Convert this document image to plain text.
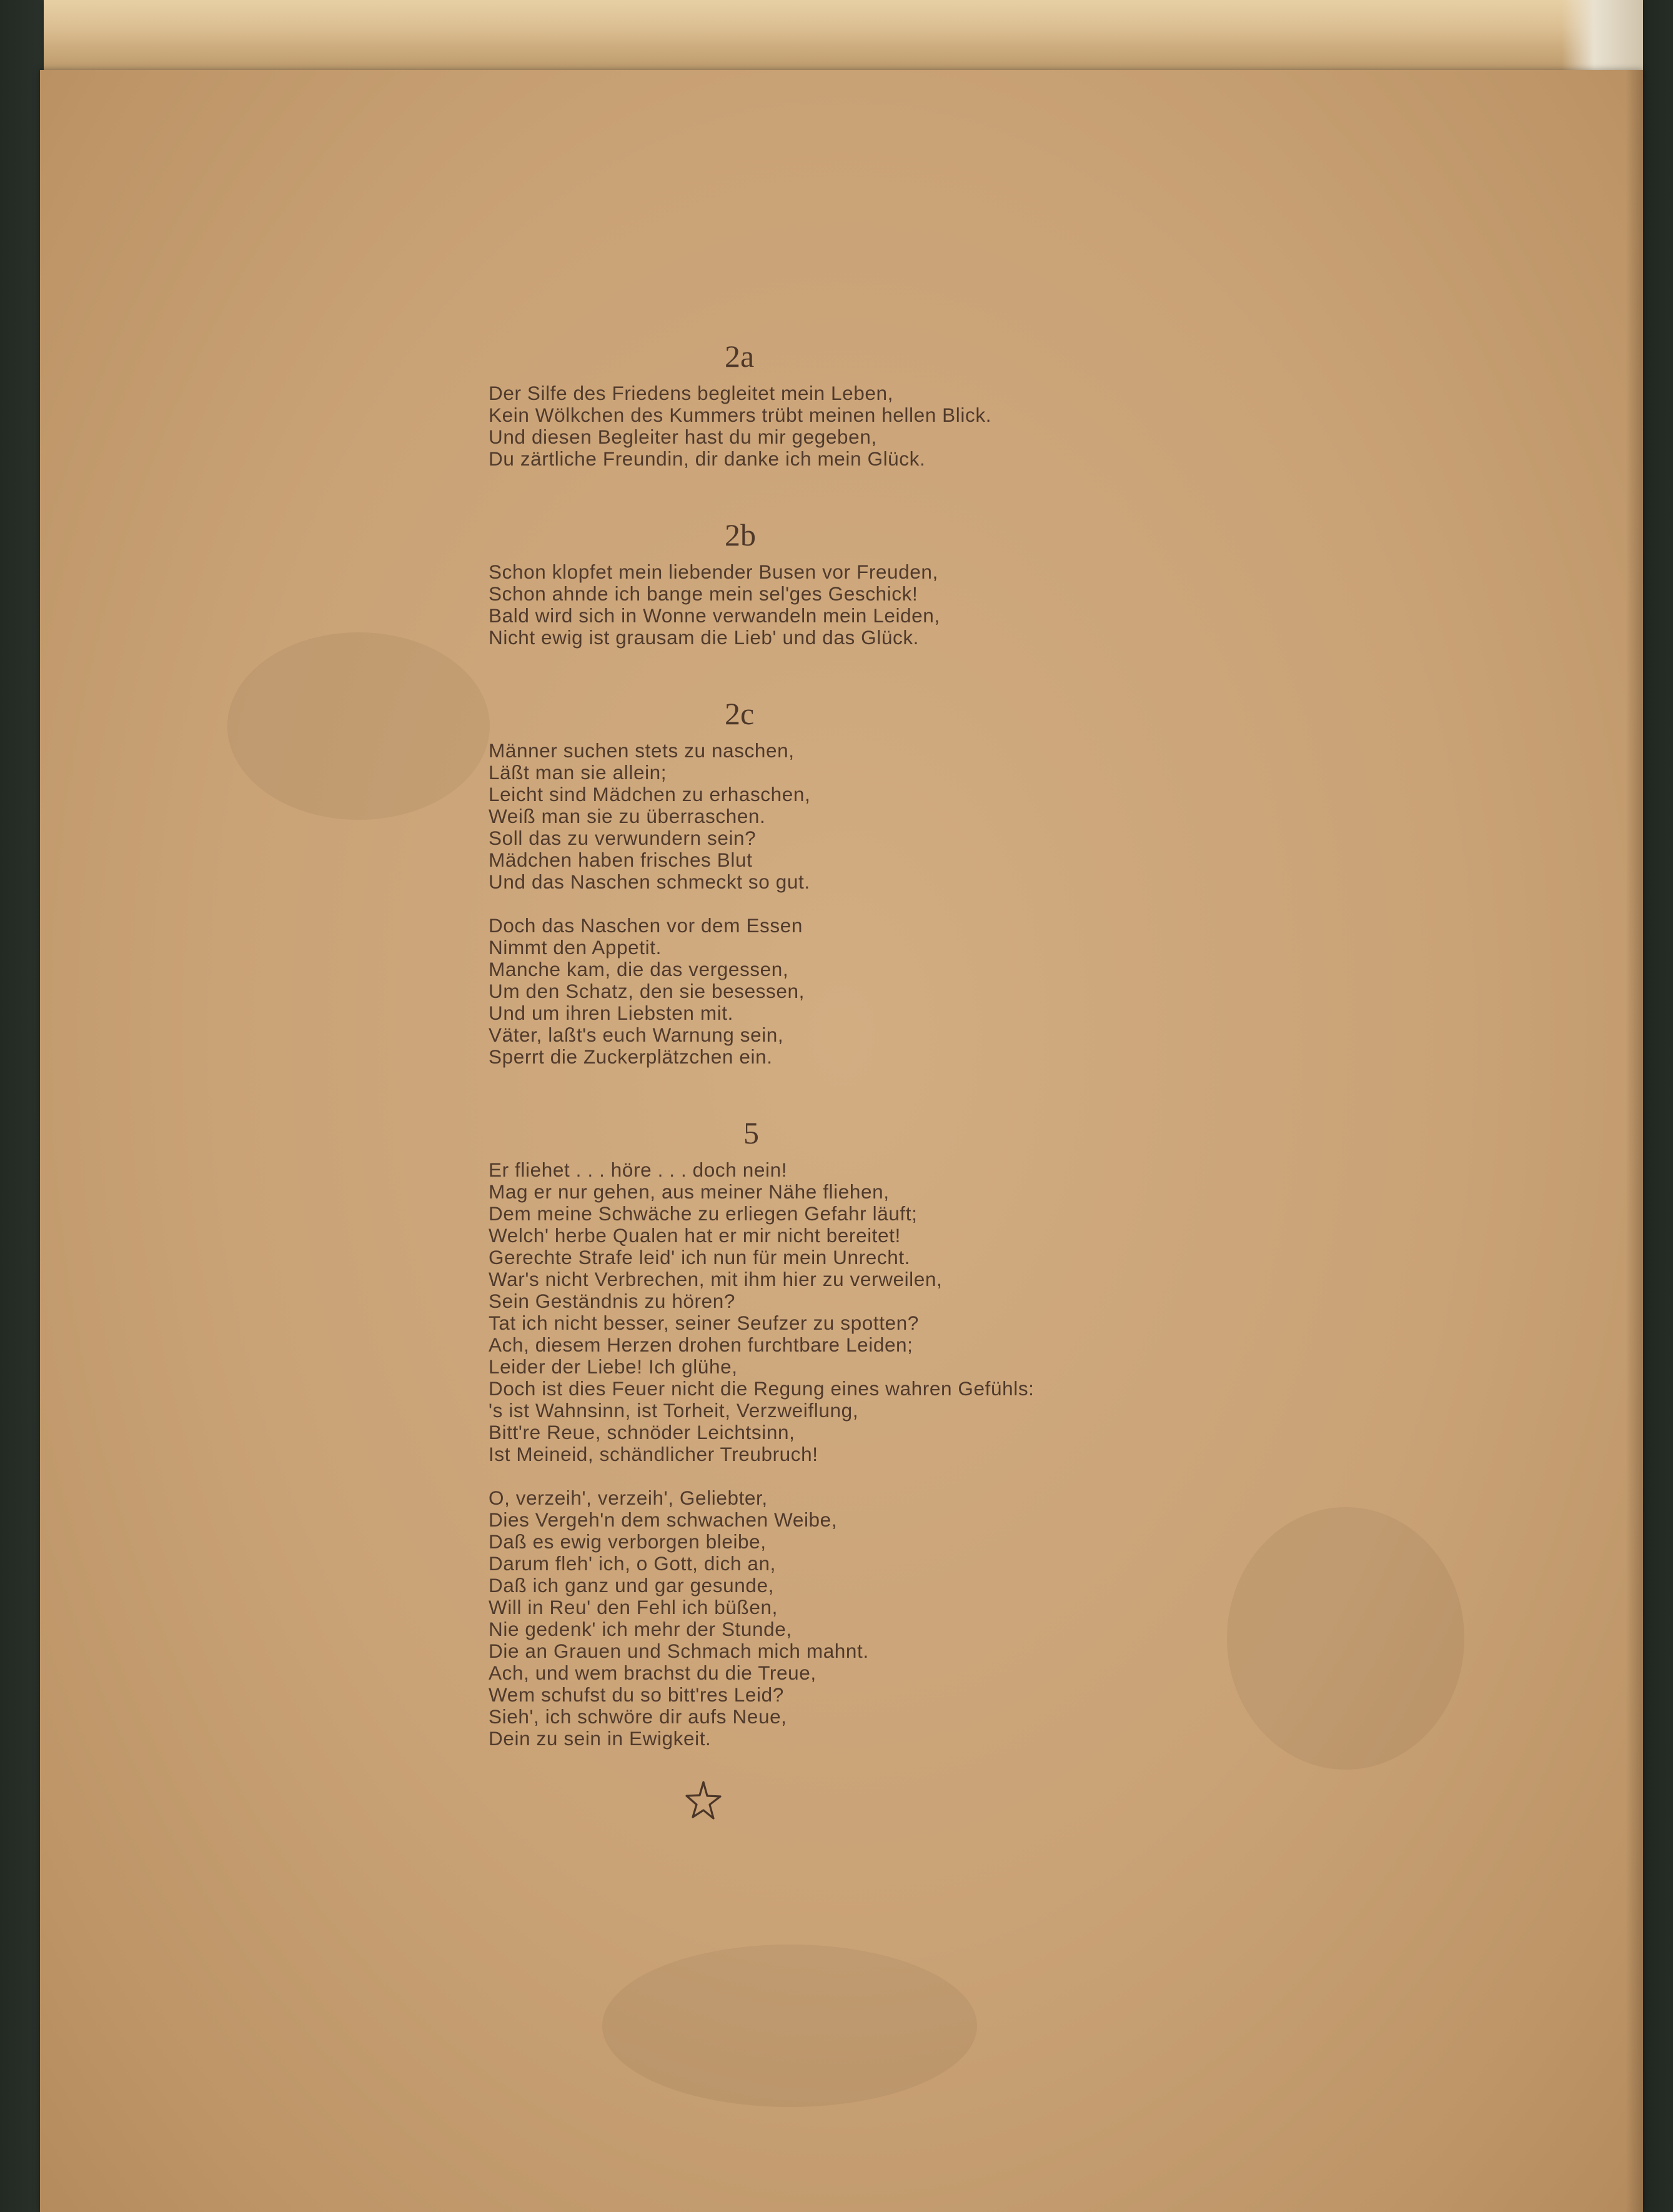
2a
Der Silfe des Friedens begleitet mein Leben,
Kein Wölkchen des Kummers trübt meinen hellen Blick.
Und diesen Begleiter hast du mir gegeben,
Du zärtliche Freundin, dir danke ich mein Glück.
2b
Schon klopfet mein liebender Busen vor Freuden,
Schon ahnde ich bange mein sel'ges Geschick!
Bald wird sich in Wonne verwandeln mein Leiden,
Nicht ewig ist grausam die Lieb' und das Glück.
2c
Männer suchen stets zu naschen,
Läßt man sie allein;
Leicht sind Mädchen zu erhaschen,
Weiß man sie zu überraschen.
Soll das zu verwundern sein?
Mädchen haben frisches Blut
Und das Naschen schmeckt so gut.
Doch das Naschen vor dem Essen
Nimmt den Appetit.
Manche kam, die das vergessen,
Um den Schatz, den sie besessen,
Und um ihren Liebsten mit.
Väter, laßt's euch Warnung sein,
Sperrt die Zuckerplätzchen ein.
5
Er fliehet . . . höre . . . doch nein!
Mag er nur gehen, aus meiner Nähe fliehen,
Dem meine Schwäche zu erliegen Gefahr läuft;
Welch' herbe Qualen hat er mir nicht bereitet!
Gerechte Strafe leid' ich nun für mein Unrecht.
War's nicht Verbrechen, mit ihm hier zu verweilen,
Sein Geständnis zu hören?
Tat ich nicht besser, seiner Seufzer zu spotten?
Ach, diesem Herzen drohen furchtbare Leiden;
Leider der Liebe! Ich glühe,
Doch ist dies Feuer nicht die Regung eines wahren Gefühls:
's ist Wahnsinn, ist Torheit, Verzweiflung,
Bitt're Reue, schnöder Leichtsinn,
Ist Meineid, schändlicher Treubruch!
O, verzeih', verzeih', Geliebter,
Dies Vergeh'n dem schwachen Weibe,
Daß es ewig verborgen bleibe,
Darum fleh' ich, o Gott, dich an,
Daß ich ganz und gar gesunde,
Will in Reu' den Fehl ich büßen,
Nie gedenk' ich mehr der Stunde,
Die an Grauen und Schmach mich mahnt.
Ach, und wem brachst du die Treue,
Wem schufst du so bitt'res Leid?
Sieh', ich schwöre dir aufs Neue,
Dein zu sein in Ewigkeit.
